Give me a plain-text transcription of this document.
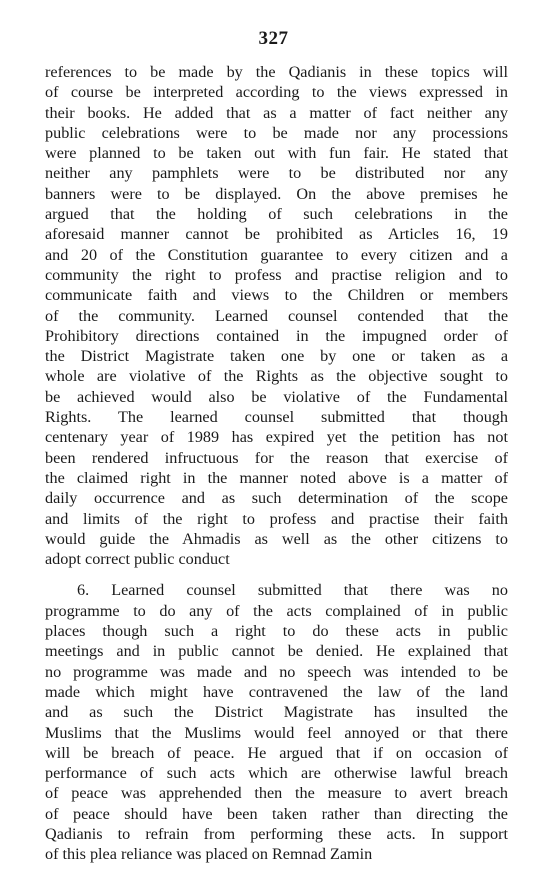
327
references to be made by the Qadianis in these topics will
of course be interpreted according to the views expressed in
their books. He added that as a matter of fact neither any
public celebrations were to be made nor any processions
were planned to be taken out with fun fair. He stated that
neither any pamphlets were to be distributed nor any
banners were to be displayed. On the above premises he
argued that the holding of such celebrations in the
aforesaid manner cannot be prohibited as Articles 16, 19
and 20 of the Constitution guarantee to every citizen and a
community the right to profess and practise religion and to
communicate faith and views to the Children or members
of the community. Learned counsel contended that the
Prohibitory directions contained in the impugned order of
the District Magistrate taken one by one or taken as a
whole are violative of the Rights as the objective sought to
be achieved would also be violative of the Fundamental
Rights. The learned counsel submitted that though
centenary year of 1989 has expired yet the petition has not
been rendered infructuous for the reason that exercise of
the claimed right in the manner noted above is a matter of
daily occurrence and as such determination of the scope
and limits of the right to profess and practise their faith
would guide the Ahmadis as well as the other citizens to
adopt correct public conduct
6. Learned counsel submitted that there was no
programme to do any of the acts complained of in public
places though such a right to do these acts in public
meetings and in public cannot be denied. He explained that
no programme was made and no speech was intended to be
made which might have contravened the law of the land
and as such the District Magistrate has insulted the
Muslims that the Muslims would feel annoyed or that there
will be breach of peace. He argued that if on occasion of
performance of such acts which are otherwise lawful breach
of peace was apprehended then the measure to avert breach
of peace should have been taken rather than directing the
Qadianis to refrain from performing these acts. In support
of this plea reliance was placed on Remnad Zamin
